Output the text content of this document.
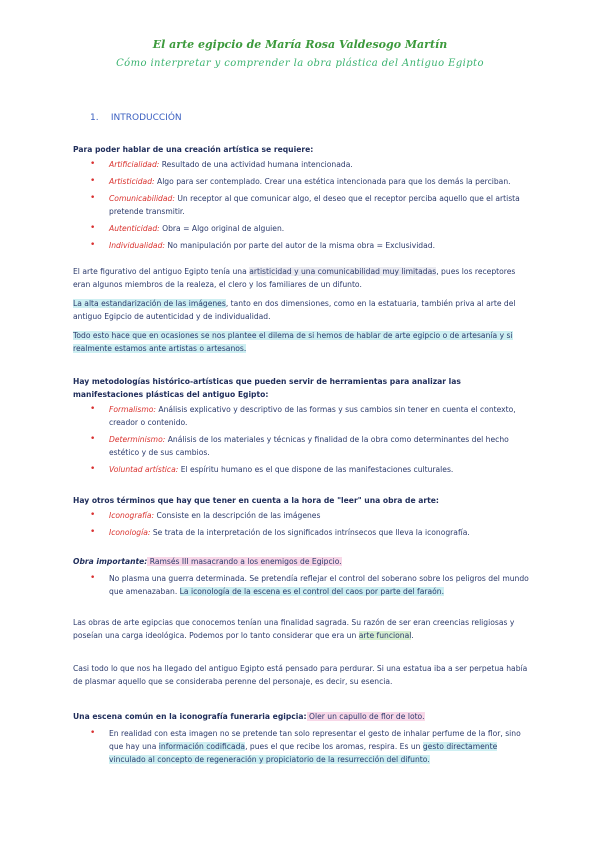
El arte egipcio de María Rosa Valdesogo Martín
Cómo interpretar y comprender la obra plástica del Antiguo Egipto
1. INTRODUCCIÓN
Para poder hablar de una creación artística se requiere:
• Artificialidad: Resultado de una actividad humana intencionada.
• Artisticidad: Algo para ser contemplado. Crear una estética intencionada para que los demás la perciban.
• Comunicabilidad: Un receptor al que comunicar algo, el deseo que el receptor perciba aquello que el artista pretende transmitir.
• Autenticidad: Obra = Algo original de alguien.
• Individualidad: No manipulación por parte del autor de la misma obra = Exclusividad.
El arte figurativo del antiguo Egipto tenía una artisticidad y una comunicabilidad muy limitadas, pues los receptores eran algunos miembros de la realeza, el clero y los familiares de un difunto.
La alta estandarización de las imágenes, tanto en dos dimensiones, como en la estatuaria, también priva al arte del antiguo Egipcio de autenticidad y de individualidad.
Todo esto hace que en ocasiones se nos plantee el dilema de si hemos de hablar de arte egipcio o de artesanía y si realmente estamos ante artistas o artesanos.
Hay metodologías histórico-artísticas que pueden servir de herramientas para analizar las manifestaciones plásticas del antiguo Egipto:
• Formalismo: Análisis explicativo y descriptivo de las formas y sus cambios sin tener en cuenta el contexto, creador o contenido.
• Determinismo: Análisis de los materiales y técnicas y finalidad de la obra como determinantes del hecho estético y de sus cambios.
• Voluntad artística: El espíritu humano es el que dispone de las manifestaciones culturales.
Hay otros términos que hay que tener en cuenta a la hora de "leer" una obra de arte:
• Iconografía: Consiste en la descripción de las imágenes
• Iconología: Se trata de la interpretación de los significados intrínsecos que lleva la iconografía.
Obra importante: Ramsés III masacrando a los enemigos de Egipcio.
• No plasma una guerra determinada. Se pretendía reflejar el control del soberano sobre los peligros del mundo que amenazaban. La iconología de la escena es el control del caos por parte del faraón.
Las obras de arte egipcias que conocemos tenían una finalidad sagrada. Su razón de ser eran creencias religiosas y poseían una carga ideológica. Podemos por lo tanto considerar que era un arte funcional.
Casi todo lo que nos ha llegado del antiguo Egipto está pensado para perdurar. Si una estatua iba a ser perpetua había de plasmar aquello que se consideraba perenne del personaje, es decir, su esencia.
Una escena común en la iconografía funeraria egipcia: Oler un capullo de flor de loto.
• En realidad con esta imagen no se pretende tan solo representar el gesto de inhalar perfume de la flor, sino que hay una información codificada, pues el que recibe los aromas, respira. Es un gesto directamente vinculado al concepto de regeneración y propiciatorio de la resurrección del difunto.
